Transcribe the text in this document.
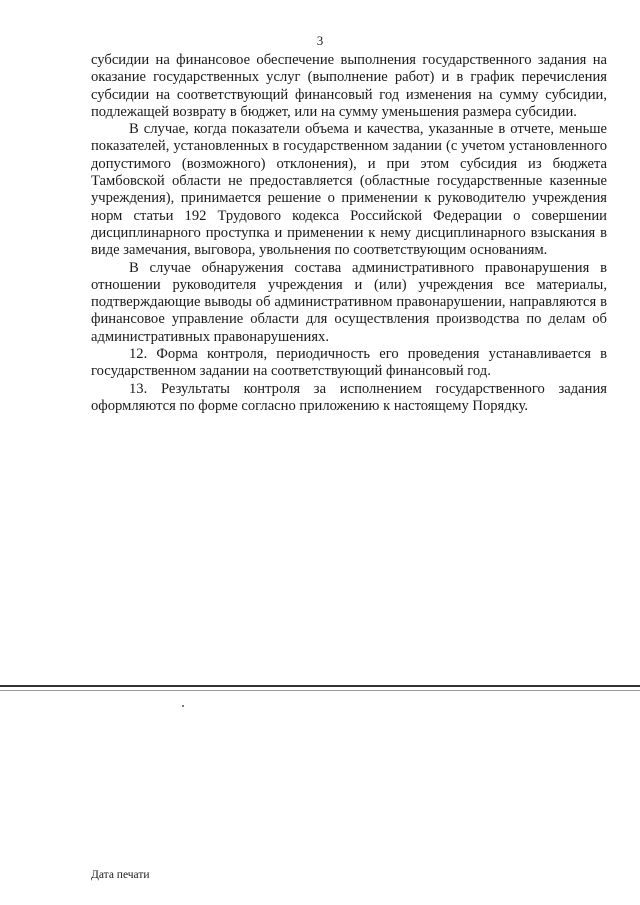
3

субсидии на финансовое обеспечение выполнения государственного задания на оказание государственных услуг (выполнение работ) и в график перечисления субсидии на соответствующий финансовый год изменения на сумму субсидии, подлежащей возврату в бюджет, или на сумму уменьшения размера субсидии.

В случае, когда показатели объема и качества, указанные в отчете, меньше показателей, установленных в государственном задании (с учетом установленного допустимого (возможного) отклонения), и при этом субсидия из бюджета Тамбовской области не предоставляется (областные государственные казенные учреждения), принимается решение о применении к руководителю учреждения норм статьи 192 Трудового кодекса Российской Федерации о совершении дисциплинарного проступка и применении к нему дисциплинарного взыскания в виде замечания, выговора, увольнения по соответствующим основаниям.

В случае обнаружения состава административного правонарушения в отношении руководителя учреждения и (или) учреждения все материалы, подтверждающие выводы об административном правонарушении, направляются в финансовое управление области для осуществления производства по делам об административных правонарушениях.

12. Форма контроля, периодичность его проведения устанавливается в государственном задании на соответствующий финансовый год.

13. Результаты контроля за исполнением государственного задания оформляются по форме согласно приложению к настоящему Порядку.

Дата печати
